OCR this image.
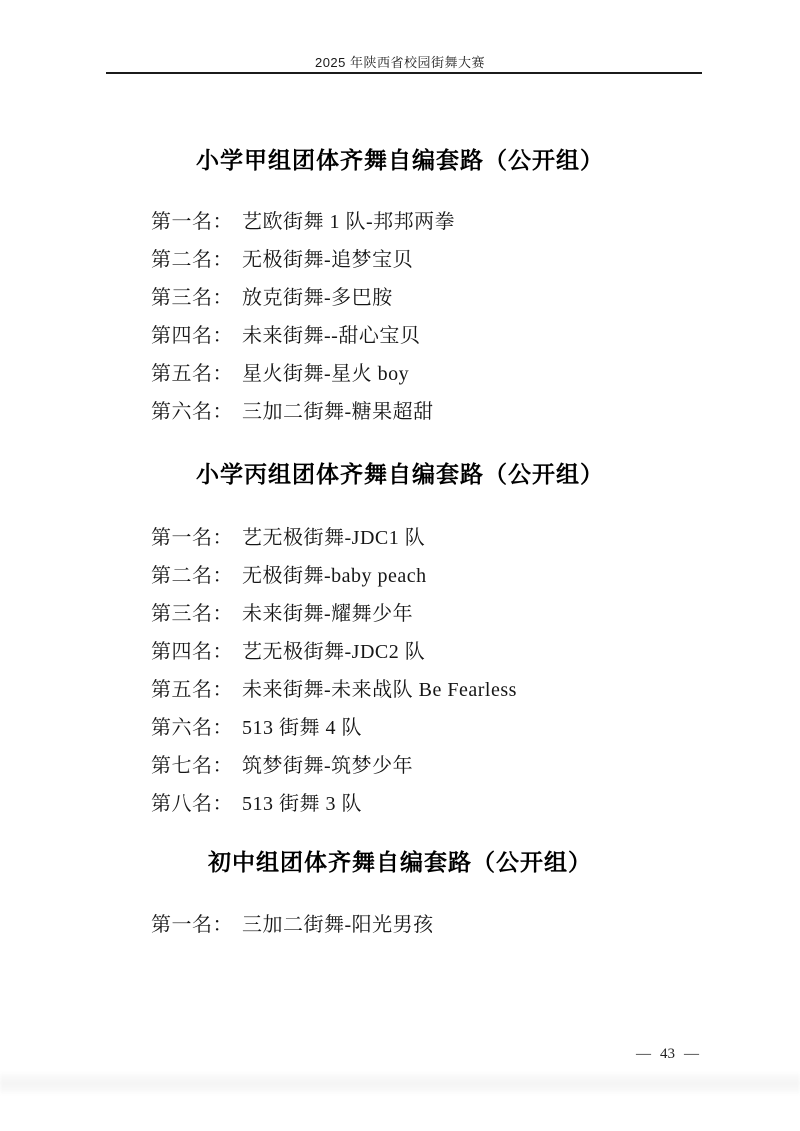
2025 年陕西省校园街舞大赛
小学甲组团体齐舞自编套路（公开组）
第一名： 艺欧街舞 1 队-邦邦两拳
第二名： 无极街舞-追梦宝贝
第三名： 放克街舞-多巴胺
第四名： 未来街舞--甜心宝贝
第五名： 星火街舞-星火 boy
第六名： 三加二街舞-糖果超甜
小学丙组团体齐舞自编套路（公开组）
第一名： 艺无极街舞-JDC1 队
第二名： 无极街舞-baby peach
第三名： 未来街舞-耀舞少年
第四名： 艺无极街舞-JDC2 队
第五名： 未来街舞-未来战队 Be Fearless
第六名： 513 街舞 4 队
第七名： 筑梦街舞-筑梦少年
第八名： 513 街舞 3 队
初中组团体齐舞自编套路（公开组）
第一名： 三加二街舞-阳光男孩
— 43 —
